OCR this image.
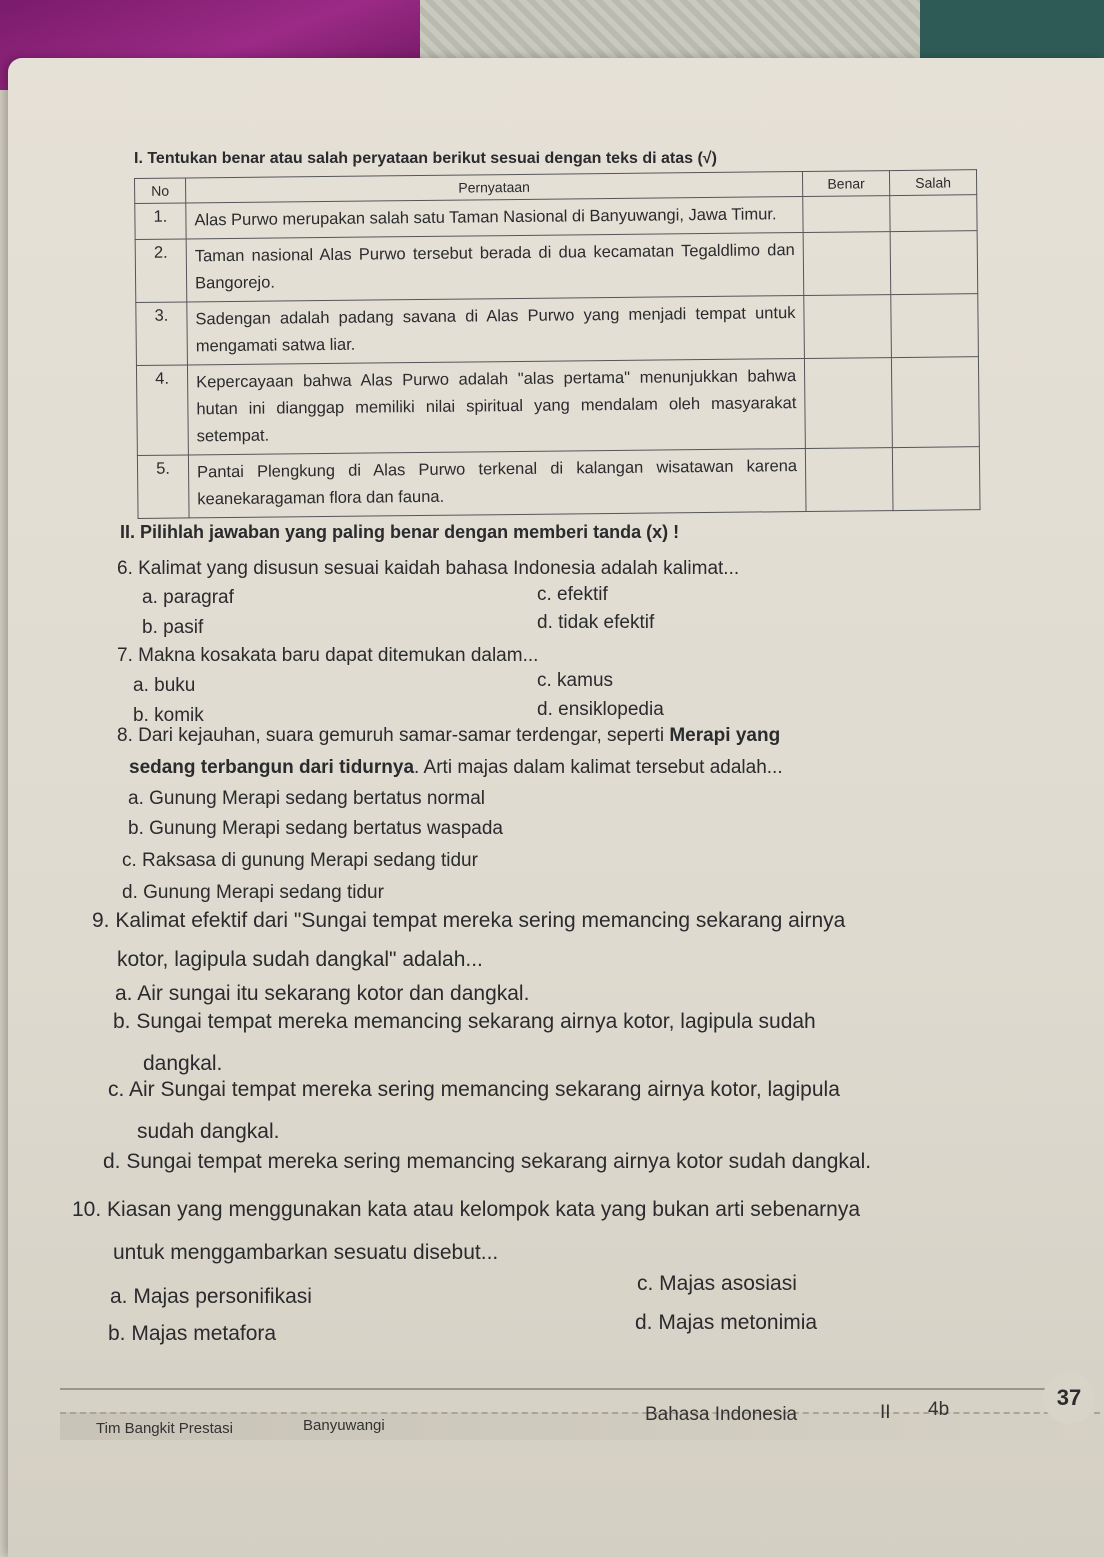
I. Tentukan benar atau salah peryataan berikut sesuai dengan teks di atas (√)
No	Pernyataan	Benar	Salah
1.	Alas Purwo merupakan salah satu Taman Nasional di Banyuwangi, Jawa Timur.		
2.	Taman nasional Alas Purwo tersebut berada di dua kecamatan Tegaldlimo dan Bangorejo.		
3.	Sadengan adalah padang savana di Alas Purwo yang menjadi tempat untuk mengamati satwa liar.		
4.	Kepercayaan bahwa Alas Purwo adalah "alas pertama" menunjukkan bahwa hutan ini dianggap memiliki nilai spiritual yang mendalam oleh masyarakat setempat.		
5.	Pantai Plengkung di Alas Purwo terkenal di kalangan wisatawan karena keanekaragaman flora dan fauna.		
II. Pilihlah jawaban yang paling benar dengan memberi tanda (x) !
6. Kalimat yang disusun sesuai kaidah bahasa Indonesia adalah kalimat...
a. paragraf	c. efektif
b. pasif	d. tidak efektif
7. Makna kosakata baru dapat ditemukan dalam...
a. buku	c. kamus
b. komik	d. ensiklopedia
8. Dari kejauhan, suara gemuruh samar-samar terdengar, seperti Merapi yang
sedang terbangun dari tidurnya. Arti majas dalam kalimat tersebut adalah...
a. Gunung Merapi sedang bertatus normal
b. Gunung Merapi sedang bertatus waspada
c. Raksasa di gunung Merapi sedang tidur
d. Gunung Merapi sedang tidur
9. Kalimat efektif dari "Sungai tempat mereka sering memancing sekarang airnya
kotor, lagipula sudah dangkal" adalah...
a. Air sungai itu sekarang kotor dan dangkal.
b. Sungai tempat mereka memancing sekarang airnya kotor, lagipula sudah
dangkal.
c. Air Sungai tempat mereka sering memancing sekarang airnya kotor, lagipula
sudah dangkal.
d. Sungai tempat mereka sering memancing sekarang airnya kotor sudah dangkal.
10. Kiasan yang menggunakan kata atau kelompok kata yang bukan arti sebenarnya
untuk menggambarkan sesuatu disebut...
a. Majas personifikasi
c. Majas asosiasi
b. Majas metafora	d. Majas metonimia
Tim Bangkit Prestasi	Banyuwangi
Bahasa Indonesia	II 4b	37
